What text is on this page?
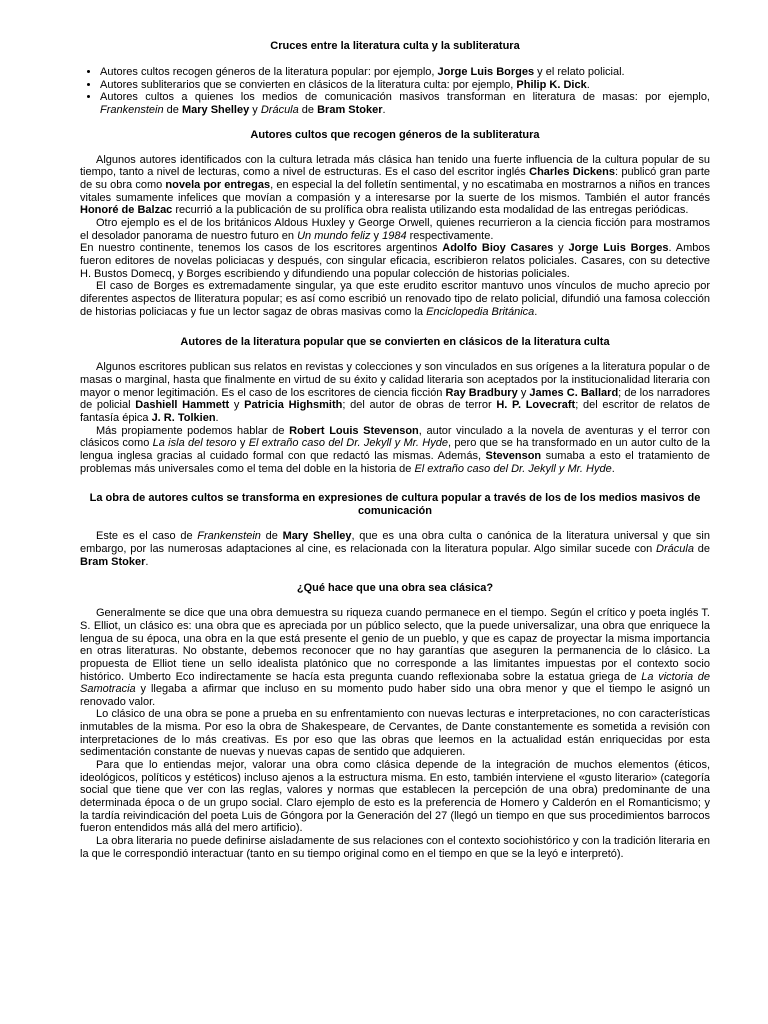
Cruces entre la literatura culta y la subliteratura
• Autores cultos recogen géneros de la literatura popular: por ejemplo, Jorge Luis Borges y el relato policial.
• Autores subliterarios que se convierten en clásicos de la literatura culta: por ejemplo, Philip K. Dick.
• Autores cultos a quienes los medios de comunicación masivos transforman en literatura de masas: por ejemplo, Frankenstein de Mary Shelley y Drácula de Bram Stoker.
Autores cultos que recogen géneros de la subliteratura

Algunos autores identificados con la cultura letrada más clásica han tenido una fuerte influencia de la cultura popular de su tiempo, tanto a nivel de lecturas, como a nivel de estructuras. Es el caso del escritor inglés Charles Dickens: publicó gran parte de su obra como novela por entregas, en especial la del folletín sentimental, y no escatimaba en mostrarnos a niños en trances vitales sumamente infelices que movían a compasión y a interesarse por la suerte de los mismos. También el autor francés Honoré de Balzac recurrió a la publicación de su prolífica obra realista utilizando esta modalidad de las entregas periódicas.

Otro ejemplo es el de los británicos Aldous Huxley y George Orwell, quienes recurrieron a la ciencia ficción para mostramos el desolador panorama de nuestro futuro en Un mundo feliz y 1984 respectivamente.

En nuestro continente, tenemos los casos de los escritores argentinos Adolfo Bioy Casares y Jorge Luis Borges. Ambos fueron editores de novelas policiacas y después, con singular eficacia, escribieron relatos policiales. Casares, con su detective H. Bustos Domecq, y Borges escribiendo y difundiendo una popular colección de historias policiales.

El caso de Borges es extremadamente singular, ya que este erudito escritor mantuvo unos vínculos de mucho aprecio por diferentes aspectos de lliteratura popular; es así como escribió un renovado tipo de relato policial, difundió una famosa colección de historias policiacas y fue un lector sagaz de obras masivas como la Enciclopedia Británica.

Autores de la literatura popular que se convierten en clásicos de la literatura culta

Algunos escritores publican sus relatos en revistas y colecciones y son vinculados en sus orígenes a la literatura popular o de masas o marginal, hasta que finalmente en virtud de su éxito y calidad literaria son aceptados por la institucionalidad literaria con mayor o menor legitimación. Es el caso de los escritores de ciencia ficción Ray Bradbury y James C. Ballard; de los narradores de policial Dashiell Hammett y Patricia Highsmith; del autor de obras de terror H. P. Lovecraft; del escritor de relatos de fantasía épica J. R. Tolkien.

Más propiamente podemos hablar de Robert Louis Stevenson, autor vinculado a la novela de aventuras y el terror con clásicos como La isla del tesoro y El extraño caso del Dr. Jekyll y Mr. Hyde, pero que se ha transformado en un autor culto de la lengua inglesa gracias al cuidado formal con que redactó las mismas. Además, Stevenson sumaba a esto el tratamiento de problemas más universales como el tema del doble en la historia de El extraño caso del Dr. Jekyll y Mr. Hyde.

La obra de autores cultos se transforma en expresiones de cultura popular a través de los de los medios masivos de comunicación

Este es el caso de Frankenstein de Mary Shelley, que es una obra culta o canónica de la literatura universal y que sin embargo, por las numerosas adaptaciones al cine, es relacionada con la literatura popular. Algo similar sucede con Drácula de Bram Stoker.

¿Qué hace que una obra sea clásica?

Generalmente se dice que una obra demuestra su riqueza cuando permanece en el tiempo. Según el crítico y poeta inglés T. S. Elliot, un clásico es: una obra que es apreciada por un público selecto, que la puede universalizar, una obra que enriquece la lengua de su época, una obra en la que está presente el genio de un pueblo, y que es capaz de proyectar la misma importancia en otras literaturas. No obstante, debemos reconocer que no hay garantías que aseguren la permanencia de lo clásico. La propuesta de Elliot tiene un sello idealista platónico que no corresponde a las limitantes impuestas por el contexto socio histórico. Umberto Eco indirectamente se hacía esta pregunta cuando reflexionaba sobre la estatua griega de La victoria de Samotracia y llegaba a afirmar que incluso en su momento pudo haber sido una obra menor y que el tiempo le asignó un renovado valor.

Lo clásico de una obra se pone a prueba en su enfrentamiento con nuevas lecturas e interpretaciones, no con características inmutables de la misma. Por eso la obra de Shakespeare, de Cervantes, de Dante constantemente es sometida a revisión con interpretaciones de lo más creativas. Es por eso que las obras que leemos en la actualidad están enriquecidas por esta sedimentación constante de nuevas y nuevas capas de sentido que adquieren.

Para que lo entiendas mejor, valorar una obra como clásica depende de la integración de muchos elementos (éticos, ideológicos, políticos y estéticos) incluso ajenos a la estructura misma. En esto, también interviene el «gusto literario» (categoría social que tiene que ver con las reglas, valores y normas que establecen la percepción de una obra) predominante de una determinada época o de un grupo social. Claro ejemplo de esto es la preferencia de Homero y Calderón en el Romanticismo; y la tardía reivindicación del poeta Luis de Góngora por la Generación del 27 (llegó un tiempo en que sus procedimientos barrocos fueron entendidos más allá del mero artificio).

La obra literaria no puede definirse aisladamente de sus relaciones con el contexto sociohistórico y con la tradición literaria en la que le correspondió interactuar (tanto en su tiempo original como en el tiempo en que se la leyó e interpretó).
